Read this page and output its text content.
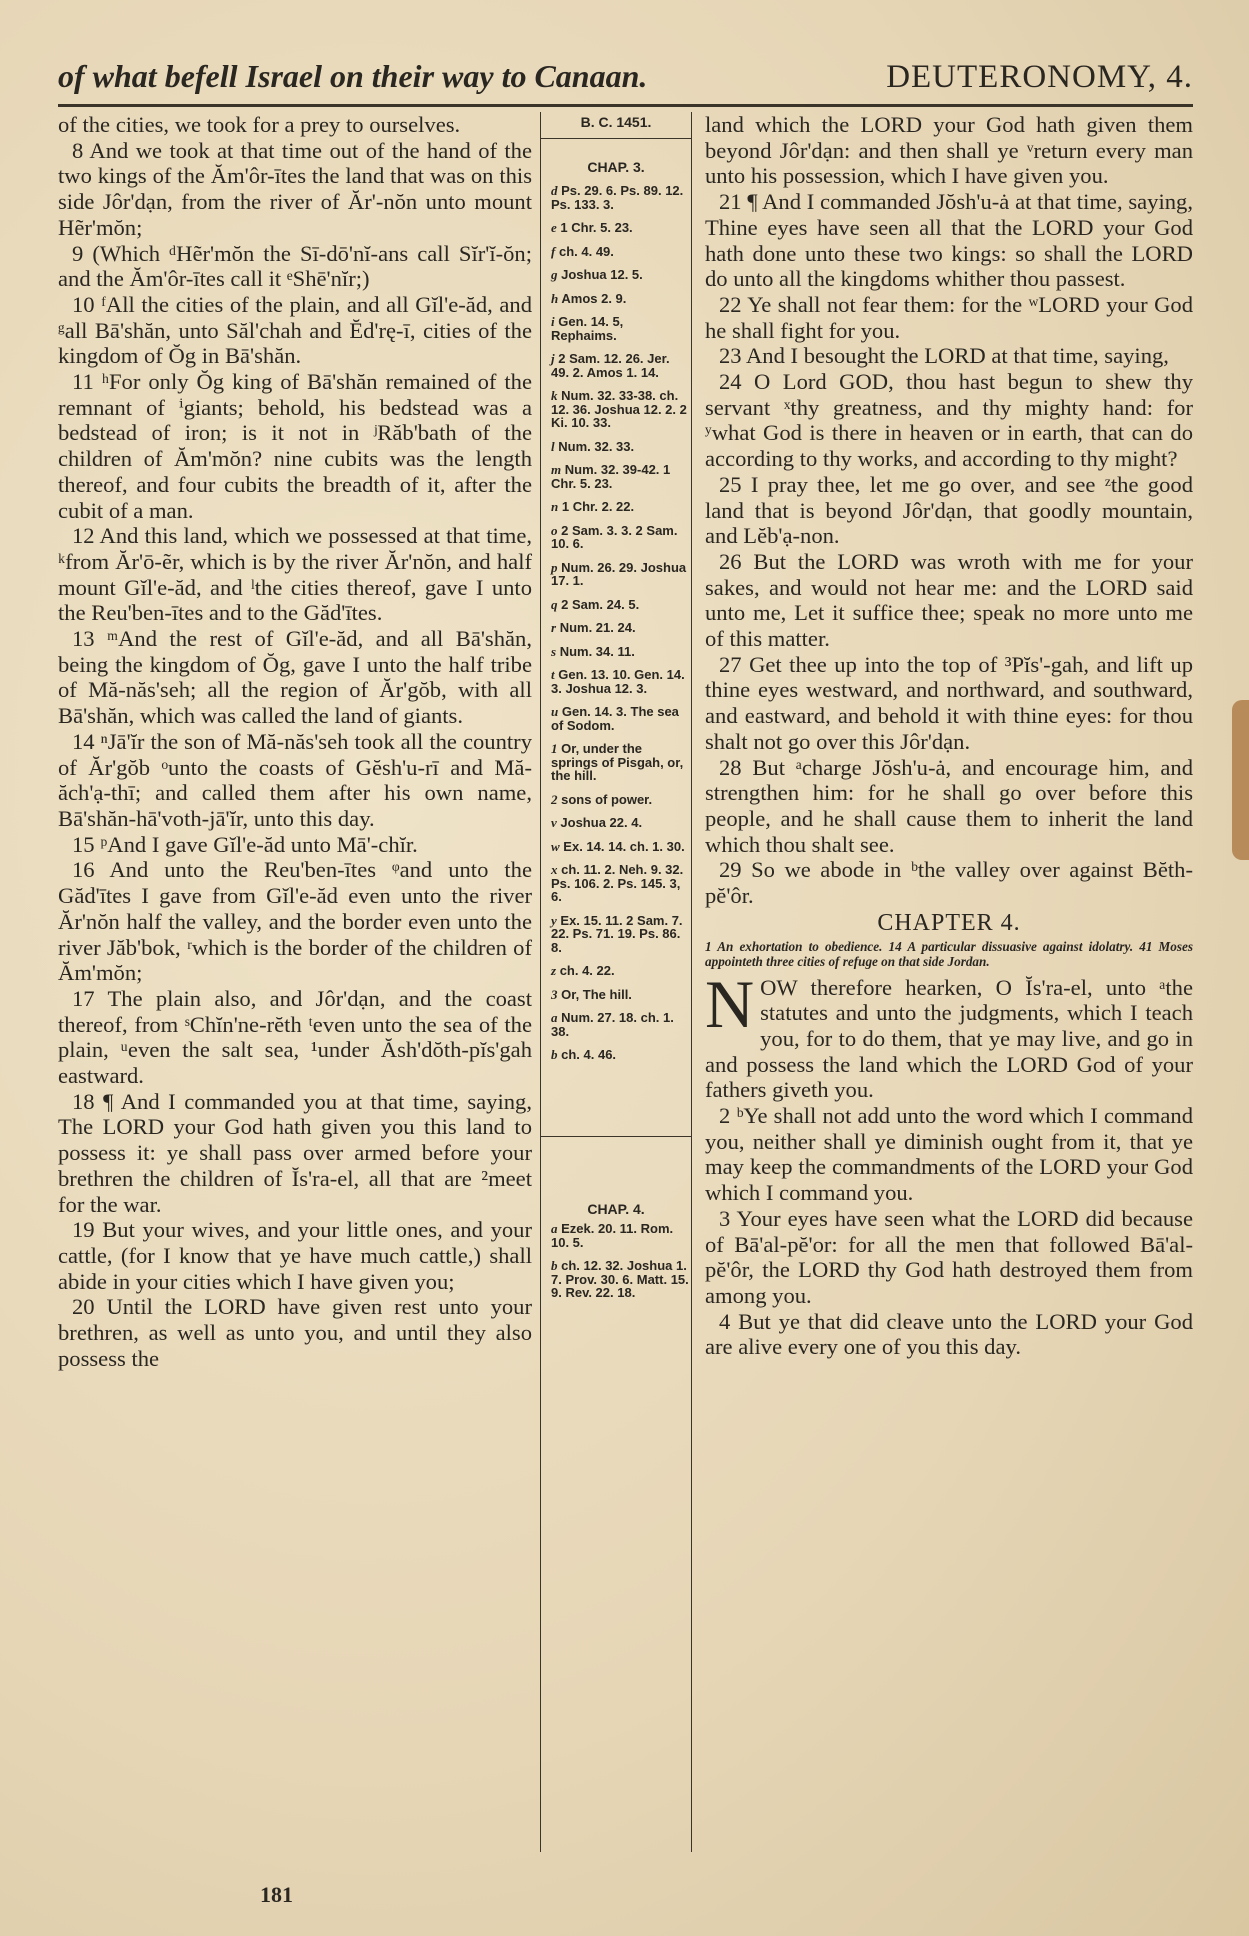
of what befell Israel on their way to Canaan.	DEUTERONOMY, 4.

of the cities, we took for a prey to ourselves.

8 And we took at that time out of the hand of the two kings of the Ăm'ôr-ītes the land that was on this side Jôr'dạn, from the river of Ăr'-nŏn unto mount Hẽr'mŏn;

9 (Which ᵈHẽr'mŏn the Sī-dō'nĭ-ans call Sĭr'ĭ-ŏn; and the Ăm'ôr-ītes call it ᵉShē'nĭr;)

10 ᶠAll the cities of the plain, and all Gĭl'e-ăd, and ᵍall Bā'shăn, unto Săl'chah and Ĕd'rę-ī, cities of the kingdom of Ŏg in Bā'shăn.

11 ʰFor only Ŏg king of Bā'shăn remained of the remnant of ⁱgiants; behold, his bedstead was a bedstead of iron; is it not in ʲRăb'bath of the children of Ăm'mŏn? nine cubits was the length thereof, and four cubits the breadth of it, after the cubit of a man.

12 And this land, which we possessed at that time, ᵏfrom Ăr'ō-ẽr, which is by the river Ăr'nŏn, and half mount Gĭl'e-ăd, and ˡthe cities thereof, gave I unto the Reu'ben-ītes and to the Găd'ītes.

13 ᵐAnd the rest of Gĭl'e-ăd, and all Bā'shăn, being the kingdom of Ŏg, gave I unto the half tribe of Mă-năs'seh; all the region of Ăr'gŏb, with all Bā'shăn, which was called the land of giants.

14 ⁿJā'ĭr the son of Mă-năs'seh took all the country of Ăr'gŏb ᵒunto the coasts of Gĕsh'u-rī and Mă-ăch'ạ-thī; and called them after his own name, Bā'shăn-hā'voth-jā'ĭr, unto this day.

15 ᵖAnd I gave Gĭl'e-ăd unto Mā'-chĭr.

16 And unto the Reu'ben-ītes ᵠand unto the Găd'ītes I gave from Gĭl'e-ăd even unto the river Ăr'nŏn half the valley, and the border even unto the river Jăb'bok, ʳwhich is the border of the children of Ăm'mŏn;

17 The plain also, and Jôr'dạn, and the coast thereof, from ˢChĭn'ne-rĕth ᵗeven unto the sea of the plain, ᵘeven the salt sea, ¹under Ăsh'dŏth-pĭs'gah eastward.

18 ¶ And I commanded you at that time, saying, The LORD your God hath given you this land to possess it: ye shall pass over armed before your brethren the children of Ĭs'ra-el, all that are ²meet for the war.

19 But your wives, and your little ones, and your cattle, (for I know that ye have much cattle,) shall abide in your cities which I have given you;

20 Until the LORD have given rest unto your brethren, as well as unto you, and until they also possess the

B. C. 1451.
CHAP. 3.
d Ps. 29. 6. Ps. 89. 12. Ps. 133. 3.
e 1 Chr. 5. 23.
f ch. 4. 49.
g Joshua 12. 5.
h Amos 2. 9.
i Gen. 14. 5, Rephaims.
j 2 Sam. 12. 26. Jer. 49. 2. Amos 1. 14.
k Num. 32. 33-38. ch. 12. 36. Joshua 12. 2. 2 Ki. 10. 33.
l Num. 32. 33.
m Num. 32. 39-42. 1 Chr. 5. 23.
n 1 Chr. 2. 22.
o 2 Sam. 3. 3. 2 Sam. 10. 6.
p Num. 26. 29. Joshua 17. 1.
q 2 Sam. 24. 5.
r Num. 21. 24.
s Num. 34. 11.
t Gen. 13. 10. Gen. 14. 3. Joshua 12. 3.
u Gen. 14. 3. The sea of Sodom.
1 Or, under the springs of Pisgah, or, the hill.
2 sons of power.
v Joshua 22. 4.
w Ex. 14. 14. ch. 1. 30.
x ch. 11. 2. Neh. 9. 32. Ps. 106. 2. Ps. 145. 3, 6.
y Ex. 15. 11. 2 Sam. 7. 22. Ps. 71. 19. Ps. 86. 8.
z ch. 4. 22.
3 Or, The hill.
a Num. 27. 18. ch. 1. 38.
b ch. 4. 46.
CHAP. 4.
a Ezek. 20. 11. Rom. 10. 5.
b ch. 12. 32. Joshua 1. 7. Prov. 30. 6. Matt. 15. 9. Rev. 22. 18.

land which the LORD your God hath given them beyond Jôr'dạn: and then shall ye ᵛreturn every man unto his possession, which I have given you.

21 ¶ And I commanded Jŏsh'u-ȧ at that time, saying, Thine eyes have seen all that the LORD your God hath done unto these two kings: so shall the LORD do unto all the kingdoms whither thou passest.

22 Ye shall not fear them: for the ʷLORD your God he shall fight for you.

23 And I besought the LORD at that time, saying,

24 O Lord GOD, thou hast begun to shew thy servant ˣthy greatness, and thy mighty hand: for ʸwhat God is there in heaven or in earth, that can do according to thy works, and according to thy might?

25 I pray thee, let me go over, and see ᶻthe good land that is beyond Jôr'dạn, that goodly mountain, and Lĕb'ạ-non.

26 But the LORD was wroth with me for your sakes, and would not hear me: and the LORD said unto me, Let it suffice thee; speak no more unto me of this matter.

27 Get thee up into the top of ³Pĭs'-gah, and lift up thine eyes westward, and northward, and southward, and eastward, and behold it with thine eyes: for thou shalt not go over this Jôr'dạn.

28 But ᵃcharge Jŏsh'u-ȧ, and encourage him, and strengthen him: for he shall go over before this people, and he shall cause them to inherit the land which thou shalt see.

29 So we abode in ᵇthe valley over against Bĕth-pĕ'ôr.

CHAPTER 4.
1 An exhortation to obedience. 14 A particular dissuasive against idolatry. 41 Moses appointeth three cities of refuge on that side Jordan.

NOW therefore hearken, O Ĭs'ra-el, unto ᵃthe statutes and unto the judgments, which I teach you, for to do them, that ye may live, and go in and possess the land which the LORD God of your fathers giveth you.

2 ᵇYe shall not add unto the word which I command you, neither shall ye diminish ought from it, that ye may keep the commandments of the LORD your God which I command you.

3 Your eyes have seen what the LORD did because of Bā'al-pĕ'or: for all the men that followed Bā'al-pĕ'ôr, the LORD thy God hath destroyed them from among you.

4 But ye that did cleave unto the LORD your God are alive every one of you this day.

181
